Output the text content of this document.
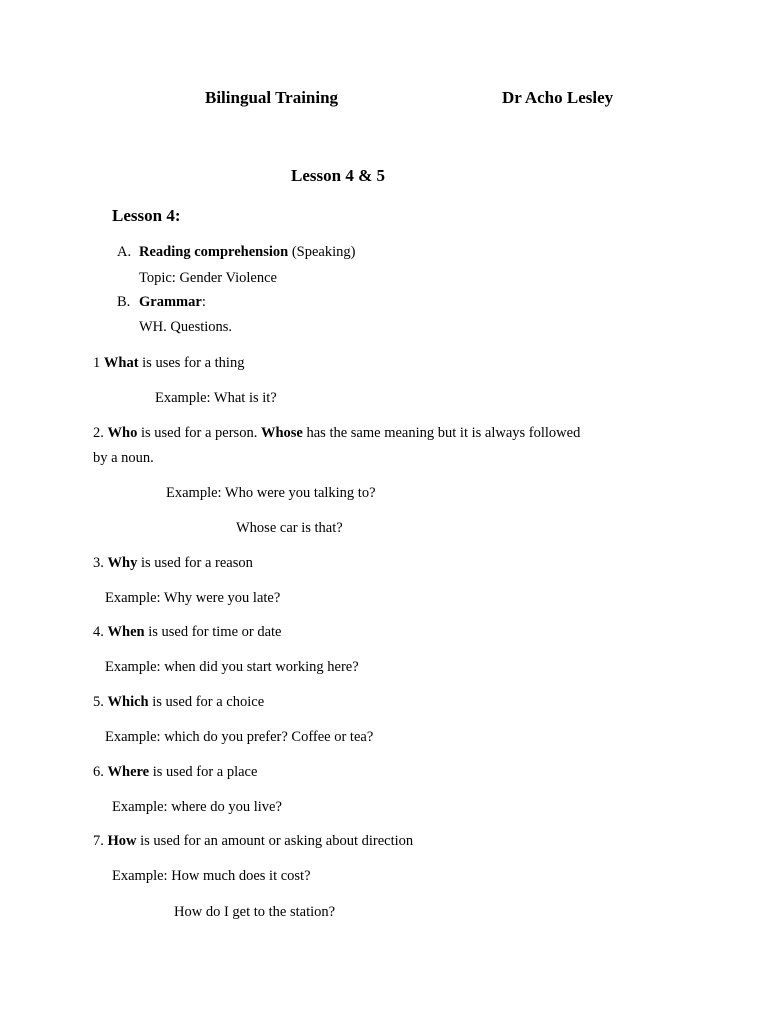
Bilingual Training	Dr Acho Lesley
Lesson 4 & 5
Lesson 4:
A. Reading comprehension (Speaking)
Topic: Gender Violence
B. Grammar:
WH. Questions.
1 What is uses for a thing
Example: What is it?
2. Who is used for a person. Whose has the same meaning but it is always followed
by a noun.
Example: Who were you talking to?
Whose car is that?
3. Why is used for a reason
Example: Why were you late?
4. When is used for time or date
Example: when did you start working here?
5. Which is used for a choice
Example: which do you prefer? Coffee or tea?
6. Where is used for a place
Example: where do you live?
7. How is used for an amount or asking about direction
Example: How much does it cost?
How do I get to the station?
